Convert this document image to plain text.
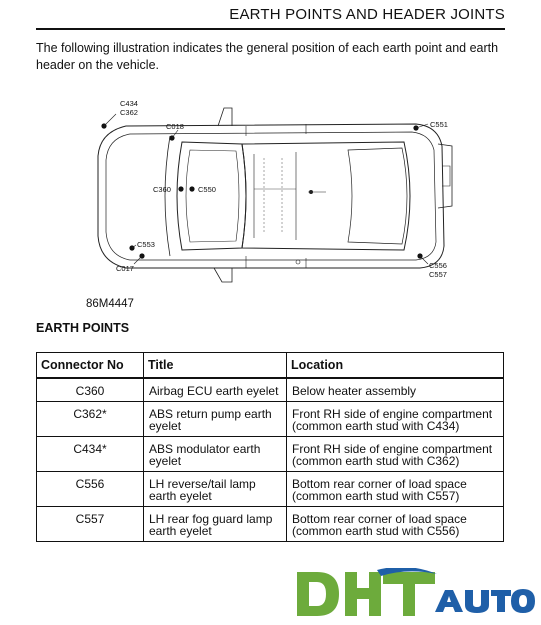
EARTH POINTS AND HEADER JOINTS
The following illustration indicates the general position of each earth point and earth header on the vehicle.
C434
C362
C018	C551
C360	C550
C553
C017	C556
C557
86M4447
EARTH POINTS
Connector No	Title	Location
C360	Airbag ECU earth eyelet	Below heater assembly
C362*	ABS return pump earth eyelet	Front RH side of engine compartment (common earth stud with C434)
C434*	ABS modulator earth eyelet	Front RH side of engine compartment (common earth stud with C362)
C556	LH reverse/tail lamp earth eyelet	Bottom rear corner of load space (common earth stud with C557)
C557	LH rear fog guard lamp earth eyelet	Bottom rear corner of load space (common earth stud with C556)
